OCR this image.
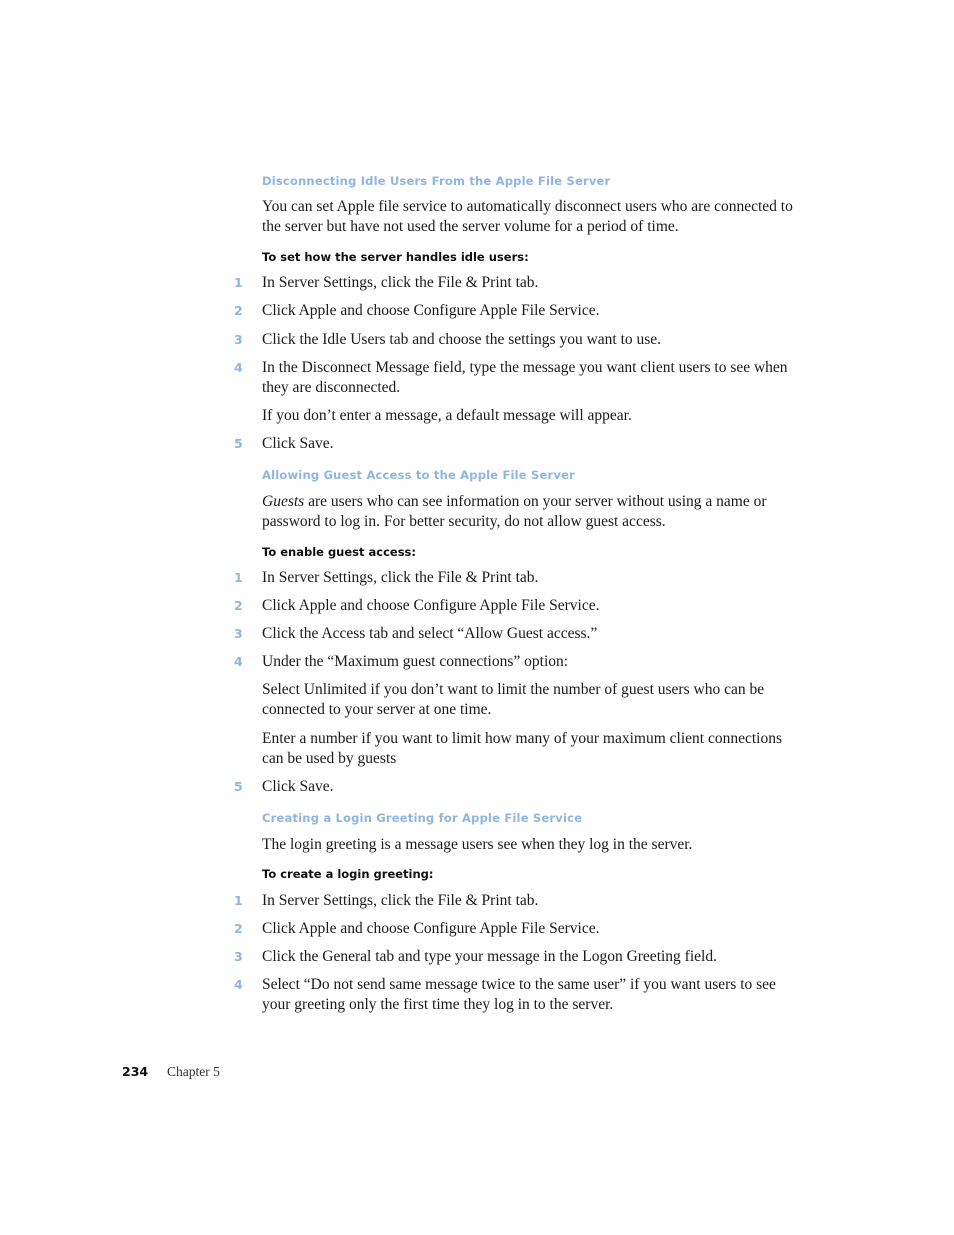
Disconnecting Idle Users From the Apple File Server
You can set Apple file service to automatically disconnect users who are connected to the server but have not used the server volume for a period of time.
To set how the server handles idle users:
1 In Server Settings, click the File & Print tab.
2 Click Apple and choose Configure Apple File Service.
3 Click the Idle Users tab and choose the settings you want to use.
4 In the Disconnect Message field, type the message you want client users to see when they are disconnected.
If you don’t enter a message, a default message will appear.
5 Click Save.
Allowing Guest Access to the Apple File Server
Guests are users who can see information on your server without using a name or password to log in. For better security, do not allow guest access.
To enable guest access:
1 In Server Settings, click the File & Print tab.
2 Click Apple and choose Configure Apple File Service.
3 Click the Access tab and select “Allow Guest access.”
4 Under the “Maximum guest connections” option:
Select Unlimited if you don’t want to limit the number of guest users who can be connected to your server at one time.
Enter a number if you want to limit how many of your maximum client connections can be used by guests
5 Click Save.
Creating a Login Greeting for Apple File Service
The login greeting is a message users see when they log in the server.
To create a login greeting:
1 In Server Settings, click the File & Print tab.
2 Click Apple and choose Configure Apple File Service.
3 Click the General tab and type your message in the Logon Greeting field.
4 Select “Do not send same message twice to the same user” if you want users to see your greeting only the first time they log in to the server.
234 Chapter 5
